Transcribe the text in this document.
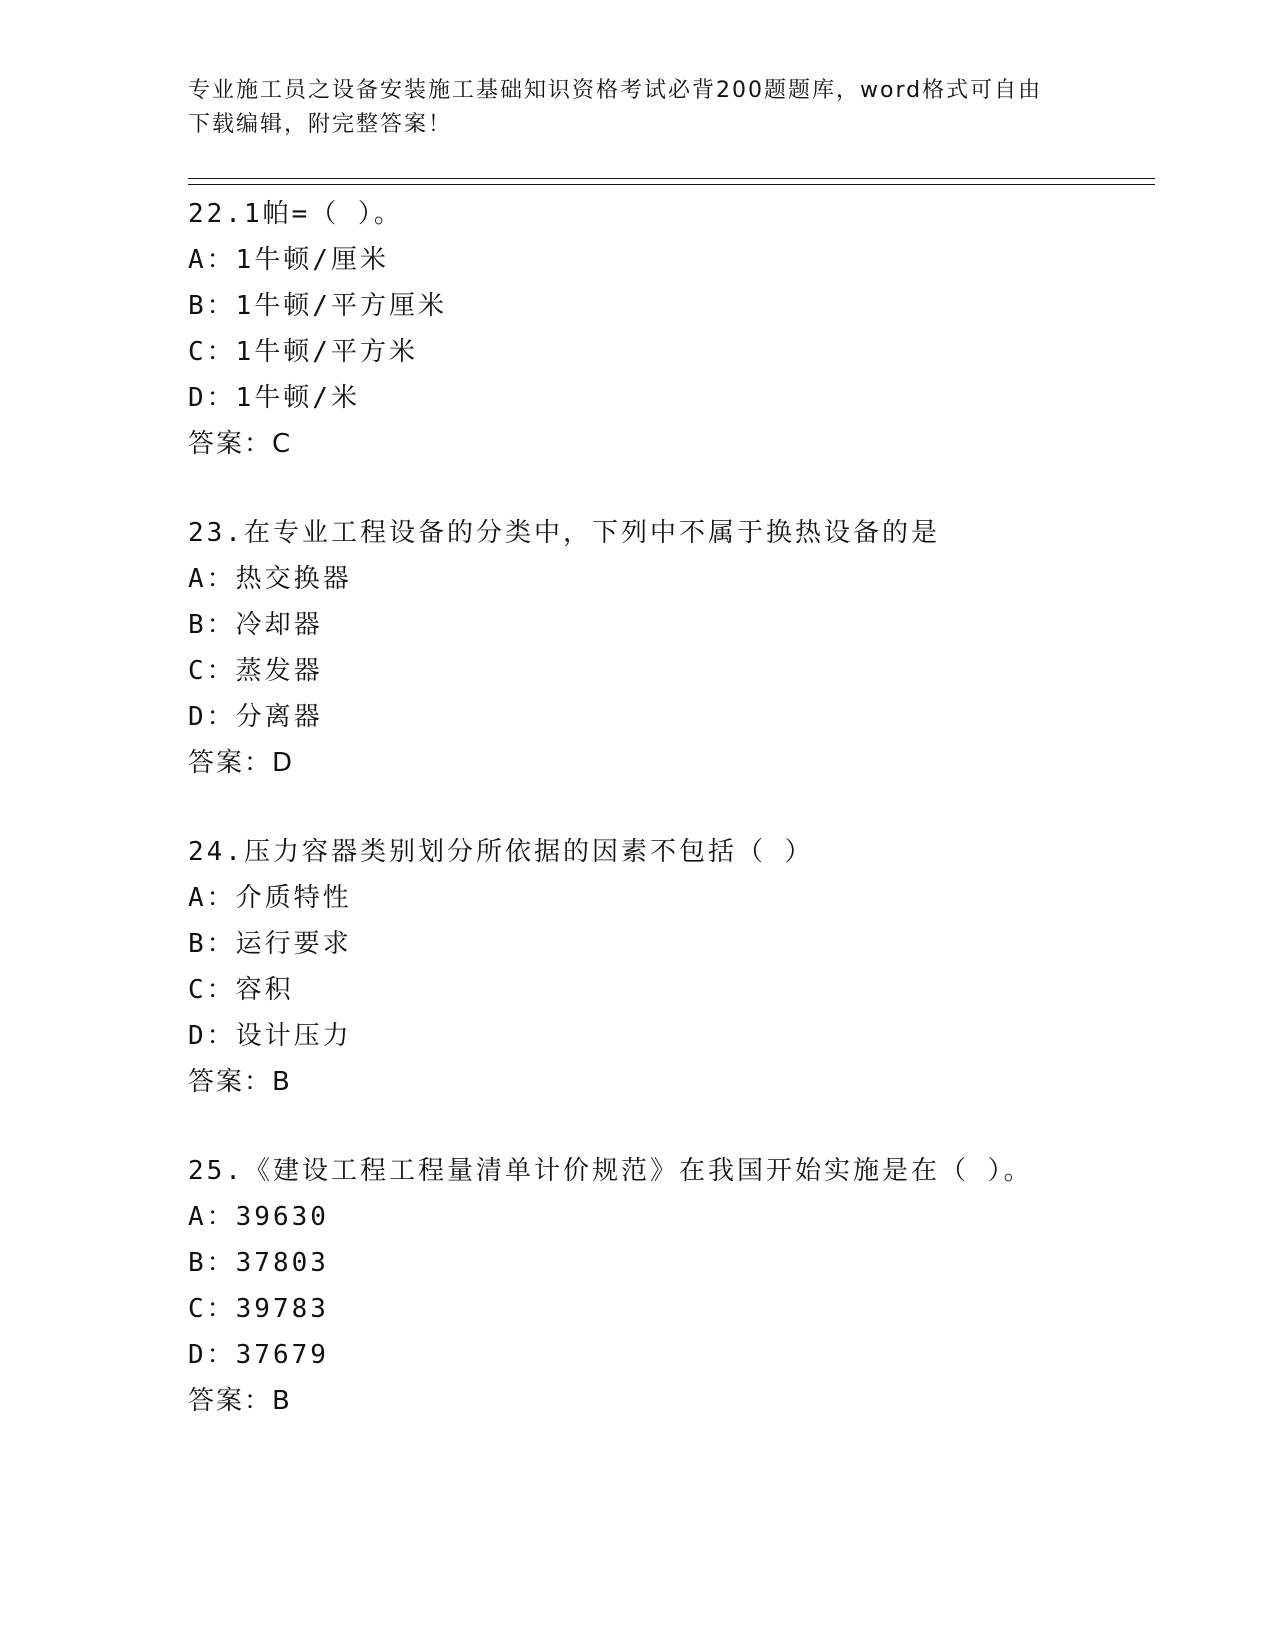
专业施工员之设备安装施工基础知识资格考试必背200题题库，word格式可自由

下载编辑，附完整答案！

22.1帕=（ ）。
A：1牛顿/厘米
B：1牛顿/平方厘米
C：1牛顿/平方米
D：1牛顿/米
答案：C
23.在专业工程设备的分类中，下列中不属于换热设备的是
A：热交换器
B：冷却器
C：蒸发器
D：分离器
答案：D
24.压力容器类别划分所依据的因素不包括（ ）
A：介质特性
B：运行要求
C：容积
D：设计压力
答案：B
25.《建设工程工程量清单计价规范》在我国开始实施是在（ ）。
A：39630
B：37803
C：39783
D：37679
答案：B
